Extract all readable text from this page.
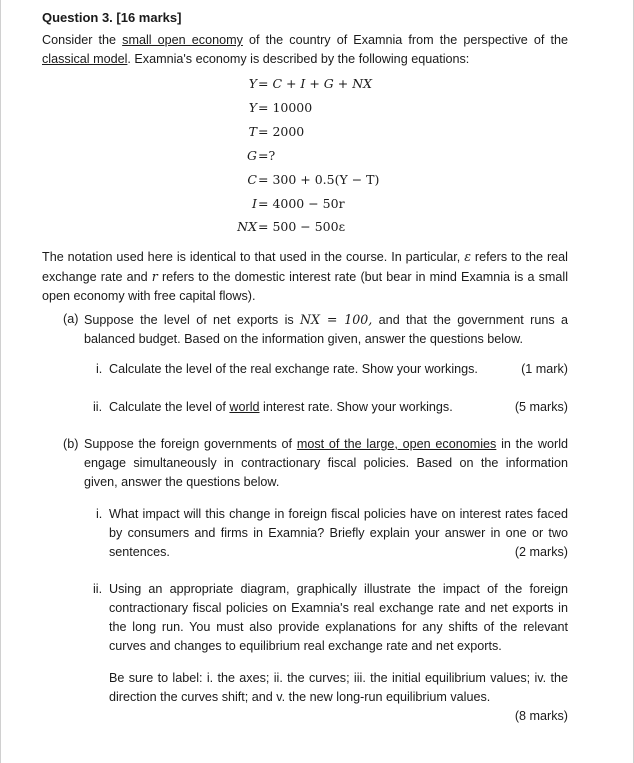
Question 3. [16 marks]
Consider the small open economy of the country of Examnia from the perspective of the classical model. Examnia's economy is described by the following equations:
Y = C + I + G + NX
Y = 10000
T = 2000
G =?
C = 300 + 0.5(Y − T)
I = 4000 − 50r
NX = 500 − 500ε
The notation used here is identical to that used in the course. In particular, ε refers to the real exchange rate and r refers to the domestic interest rate (but bear in mind Examnia is a small open economy with free capital flows).
(a) Suppose the level of net exports is NX = 100, and that the government runs a balanced budget. Based on the information given, answer the questions below.
i. Calculate the level of the real exchange rate. Show your workings.	(1 mark)
ii. Calculate the level of world interest rate. Show your workings.	(5 marks)
(b) Suppose the foreign governments of most of the large, open economies in the world engage simultaneously in contractionary fiscal policies. Based on the information given, answer the questions below.
i. What impact will this change in foreign fiscal policies have on interest rates faced by consumers and firms in Examnia? Briefly explain your answer in one or two sentences.	(2 marks)
ii. Using an appropriate diagram, graphically illustrate the impact of the foreign contractionary fiscal policies on Examnia's real exchange rate and net exports in the long run. You must also provide explanations for any shifts of the relevant curves and changes to equilibrium real exchange rate and net exports.
Be sure to label: i. the axes; ii. the curves; iii. the initial equilibrium values; iv. the direction the curves shift; and v. the new long-run equilibrium values.
(8 marks)
